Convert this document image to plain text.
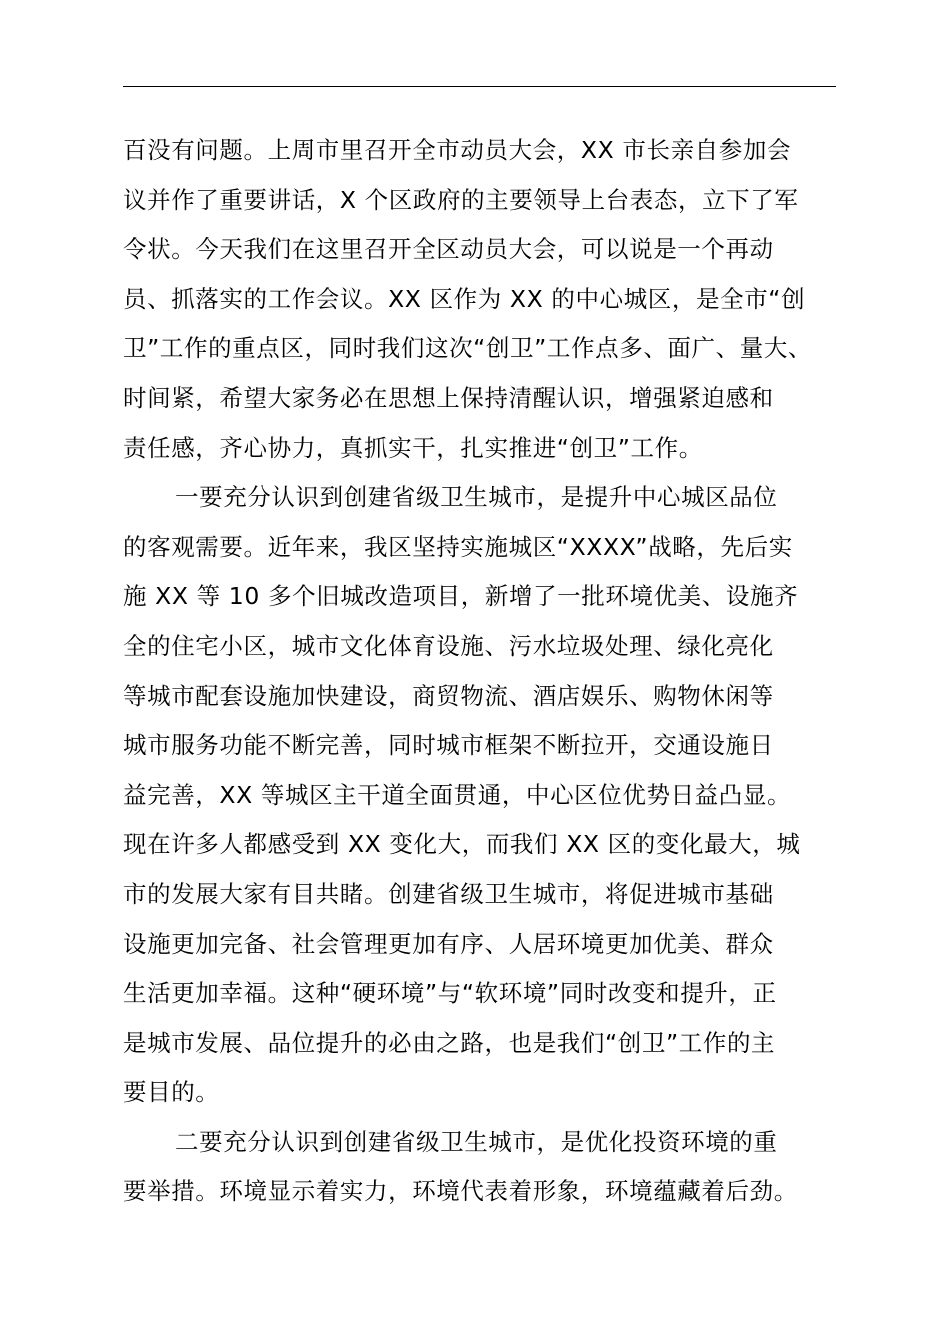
百没有问题。上周市里召开全市动员大会，XX 市长亲自参加会
议并作了重要讲话，X 个区政府的主要领导上台表态，立下了军
令状。今天我们在这里召开全区动员大会，可以说是一个再动
员、抓落实的工作会议。XX 区作为 XX 的中心城区，是全市“创
卫”工作的重点区，同时我们这次“创卫”工作点多、面广、量大、
时间紧，希望大家务必在思想上保持清醒认识，增强紧迫感和
责任感，齐心协力，真抓实干，扎实推进“创卫”工作。
一要充分认识到创建省级卫生城市，是提升中心城区品位
的客观需要。近年来，我区坚持实施城区“XXXX”战略，先后实
施 XX 等 10 多个旧城改造项目，新增了一批环境优美、设施齐
全的住宅小区，城市文化体育设施、污水垃圾处理、绿化亮化
等城市配套设施加快建设，商贸物流、酒店娱乐、购物休闲等
城市服务功能不断完善，同时城市框架不断拉开，交通设施日
益完善，XX 等城区主干道全面贯通，中心区位优势日益凸显。
现在许多人都感受到 XX 变化大，而我们 XX 区的变化最大，城
市的发展大家有目共睹。创建省级卫生城市，将促进城市基础
设施更加完备、社会管理更加有序、人居环境更加优美、群众
生活更加幸福。这种“硬环境”与“软环境”同时改变和提升，正
是城市发展、品位提升的必由之路，也是我们“创卫”工作的主
要目的。
二要充分认识到创建省级卫生城市，是优化投资环境的重
要举措。环境显示着实力，环境代表着形象，环境蕴藏着后劲。
